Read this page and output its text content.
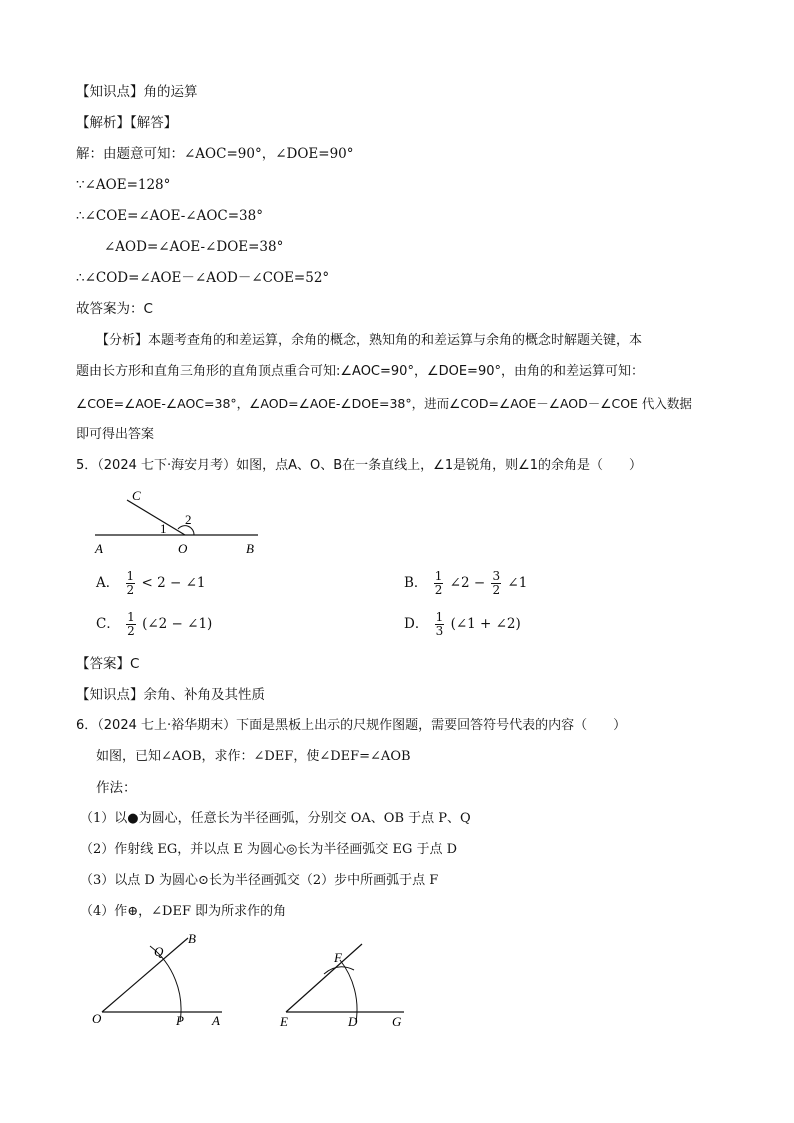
【知识点】角的运算
【解析】【解答】
解：由题意可知：∠AOC=90°，∠DOE=90°
∵∠AOE=128°
∴∠COE=∠AOE-∠AOC=38°
∠AOD=∠AOE-∠DOE=38°
∴∠COD=∠AOE－∠AOD－∠COE=52°
故答案为：C
【分析】本题考查角的和差运算，余角的概念，熟知角的和差运算与余角的概念时解题关键，本
题由长方形和直角三角形的直角顶点重合可知:∠AOC=90°，∠DOE=90°，由角的和差运算可知：
∠COE=∠AOE-∠AOC=38°，∠AOD=∠AOE-∠DOE=38°，进而∠COD=∠AOE－∠AOD－∠COE 代入数据
即可得出答案
5．（2024 七下·海安月考）如图，点A、O、B在一条直线上，∠1是锐角，则∠1的余角是（　　）
C
1
2
A	O	B
A． $\frac{1}{2} < 2$ − ∠1	B． $\frac{1}{2}$ ∠2 − $\frac{3}{2}$ ∠1
C． $\frac{1}{2}$ (∠2 − ∠1)	D． $\frac{1}{3}$ (∠1 + ∠2)
【答案】C
【知识点】余角、补角及其性质
6．（2024 七上·裕华期末）下面是黑板上出示的尺规作图题，需要回答符号代表的内容（　　）
如图，已知∠AOB，求作：∠DEF，使∠DEF=∠AOB
作法：
（1）以●为圆心，任意长为半径画弧，分别交 OA、OB 于点 P、Q
（2）作射线 EG，并以点 E 为圆心◎长为半径画弧交 EG 于点 D
（3）以点 D 为圆心⊙长为半径画弧交（2）步中所画弧于点 F
（4）作⊕，∠DEF 即为所求作的角
Q
B
O	P A
F
E	D	G
